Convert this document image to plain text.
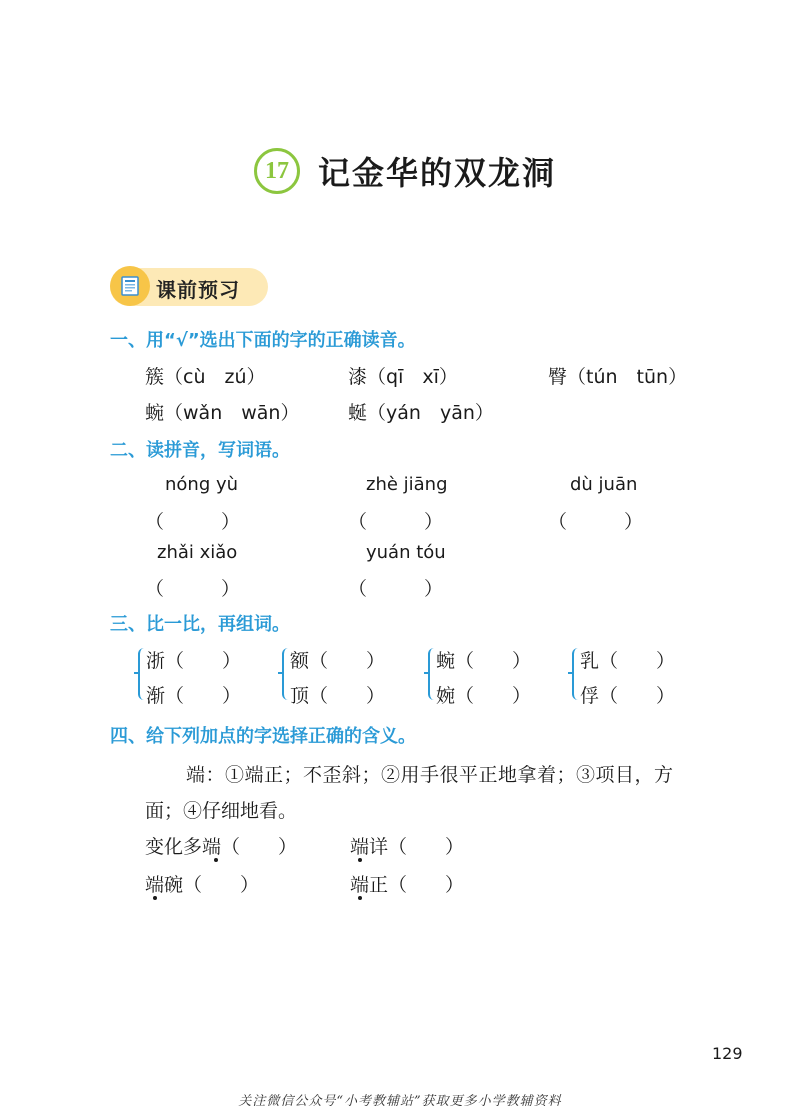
17 记金华的双龙洞
课前预习
一、用“√”选出下面的字的正确读音。
簇（cù　zú）	漆（qī　xī）	臀（tún　tūn）
蜿（wǎn　wān）	蜒（yán　yān）
二、读拼音，写词语。
nóng yù
（　　　）
zhè jiāng
（　　　）
dù juān
（　　　）
zhǎi xiǎo
（　　　）
yuán tóu
（　　　）
三、比一比，再组词。
浙（　　）
渐（　　）
额（　　）
顶（　　）
蜿（　　）
婉（　　）
乳（　　）
俘（　　）
四、给下列加点的字选择正确的含义。
端：①端正；不歪斜；②用手很平正地拿着；③项目，方
面；④仔细地看。
变化多端（　　）	端详（　　）
端碗（　　）	端正（　　）
129
关注微信公众号“小考教辅站”获取更多小学教辅资料
